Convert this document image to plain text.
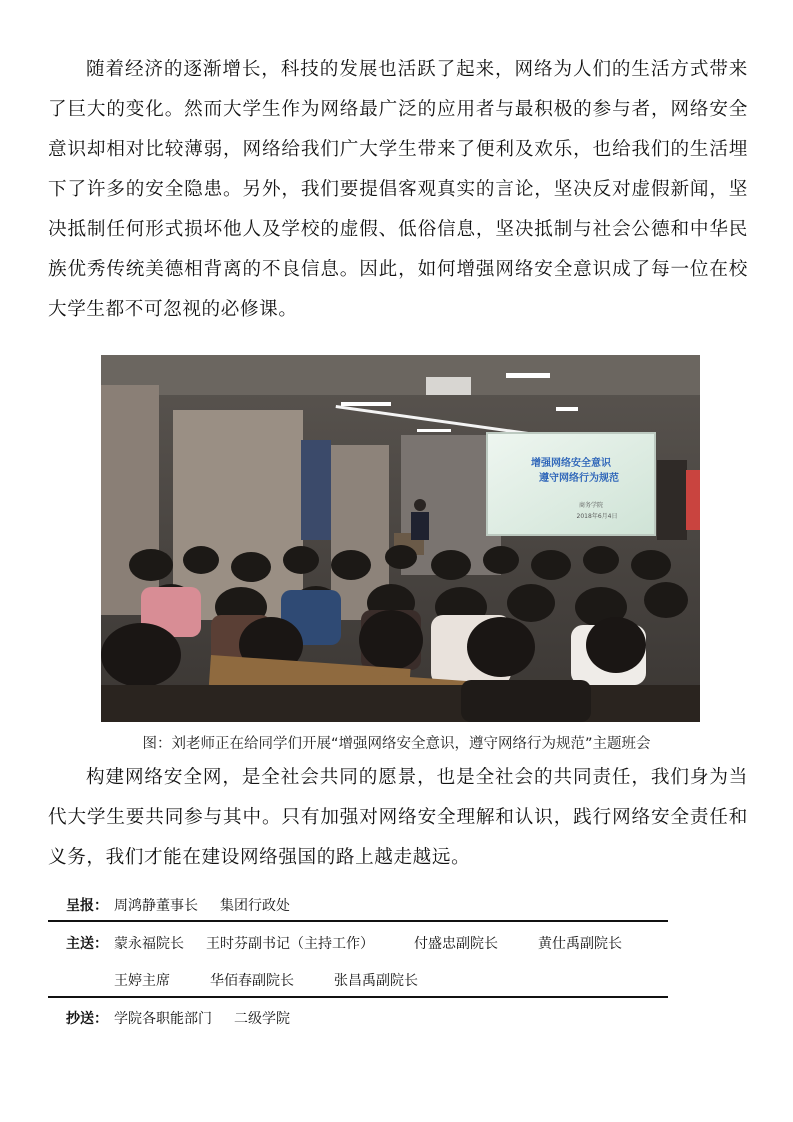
随着经济的逐渐增长，科技的发展也活跃了起来，网络为人们的生活方式带来了巨大的变化。然而大学生作为网络最广泛的应用者与最积极的参与者，网络安全意识却相对比较薄弱，网络给我们广大学生带来了便利及欢乐，也给我们的生活埋下了许多的安全隐患。另外，我们要提倡客观真实的言论，坚决反对虚假新闻，坚决抵制任何形式损坏他人及学校的虚假、低俗信息，坚决抵制与社会公德和中华民族优秀传统美德相背离的不良信息。因此，如何增强网络安全意识成了每一位在校大学生都不可忽视的必修课。

增强网络安全意识
遵守网络行为规范
商务学院
2018年6月4日
图：刘老师正在给同学们开展“增强网络安全意识，遵守网络行为规范”主题班会

构建网络安全网，是全社会共同的愿景，也是全社会的共同责任，我们身为当代大学生要共同参与其中。只有加强对网络安全理解和认识，践行网络安全责任和义务，我们才能在建设网络强国的路上越走越远。

呈报： 周鸿静董事长 集团行政处
主送： 蒙永福院长 王时芬副书记（主持工作）	付盛忠副院长	黄仕禹副院长
王婷主席	华佰春副院长	张昌禹副院长
抄送： 学院各职能部门 二级学院
